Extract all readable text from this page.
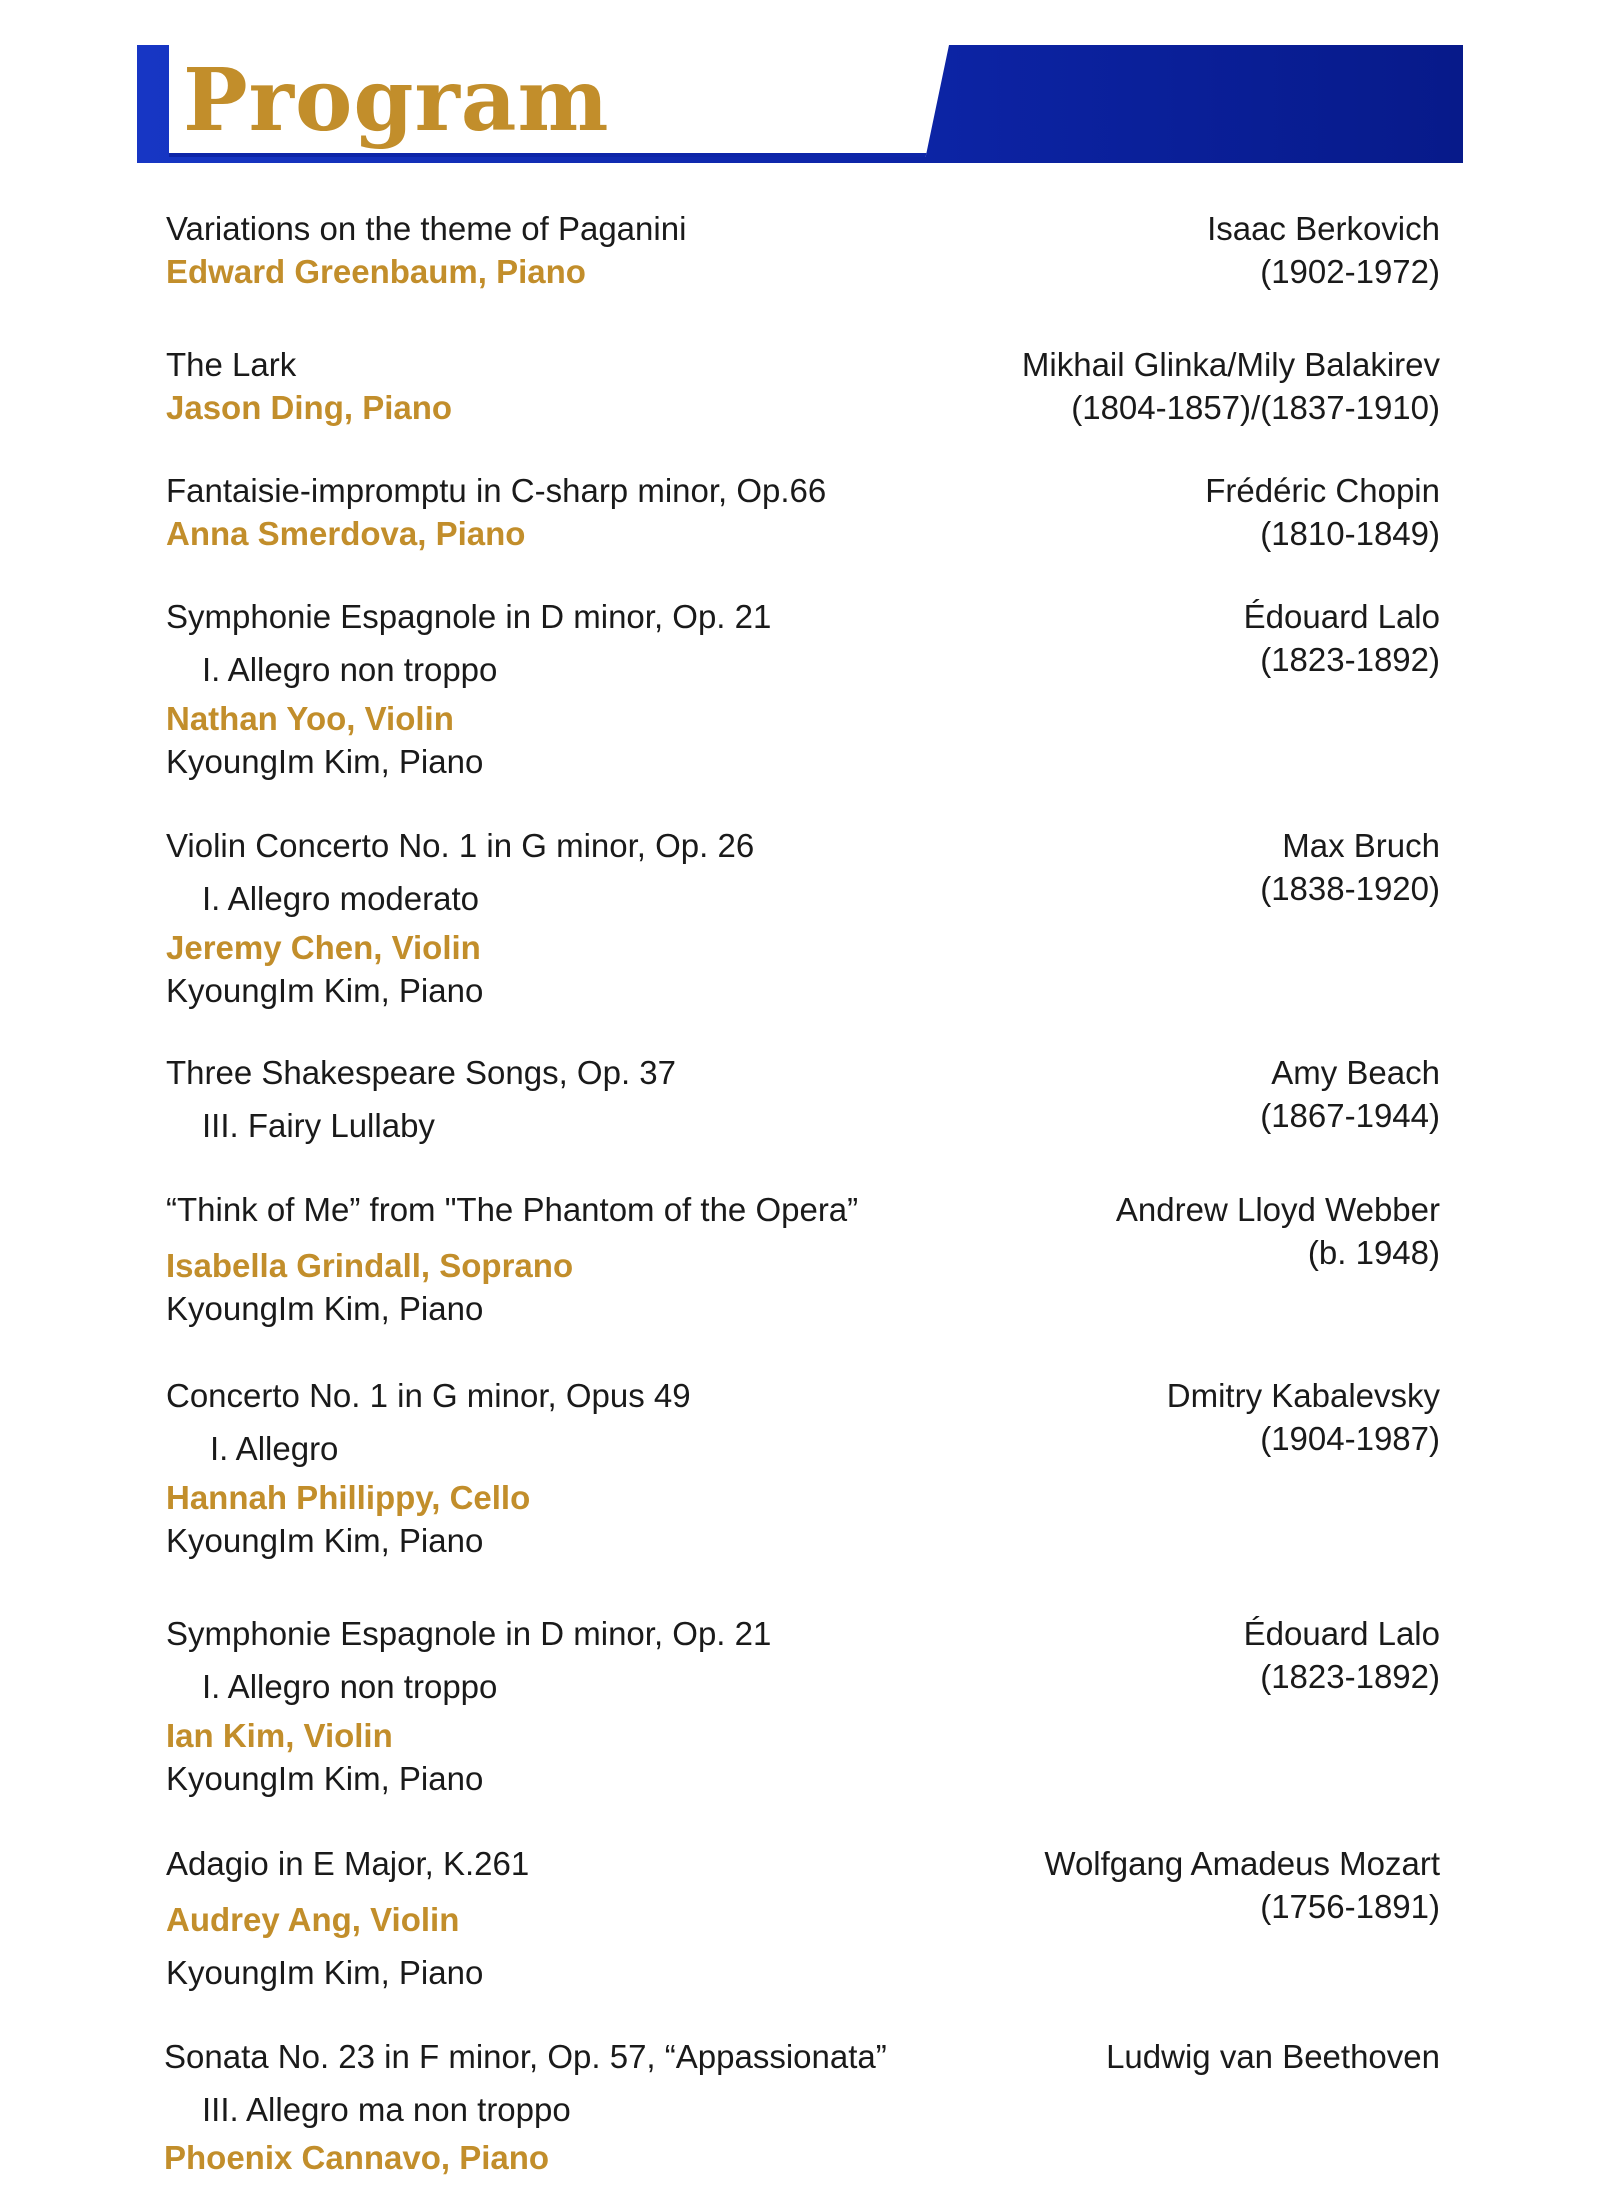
Program
Variations on the theme of Paganini
Edward Greenbaum, Piano
Isaac Berkovich
(1902-1972)
The Lark
Jason Ding, Piano
Mikhail Glinka/Mily Balakirev
(1804-1857)/(1837-1910)
Fantaisie-impromptu in C-sharp minor, Op.66
Anna Smerdova, Piano
Frédéric Chopin
(1810-1849)
Symphonie Espagnole in D minor, Op. 21
I. Allegro non troppo
Nathan Yoo, Violin
KyoungIm Kim, Piano
Édouard Lalo
(1823-1892)
Violin Concerto No. 1 in G minor, Op. 26
I. Allegro moderato
Jeremy Chen, Violin
KyoungIm Kim, Piano
Max Bruch
(1838-1920)
Three Shakespeare Songs, Op. 37
III. Fairy Lullaby
Amy Beach
(1867-1944)
“Think of Me” from "The Phantom of the Opera”
Isabella Grindall, Soprano
KyoungIm Kim, Piano
Andrew Lloyd Webber
(b. 1948)
Concerto No. 1 in G minor, Opus 49
I. Allegro
Hannah Phillippy, Cello
KyoungIm Kim, Piano
Dmitry Kabalevsky
(1904-1987)
Symphonie Espagnole in D minor, Op. 21
I. Allegro non troppo
Ian Kim, Violin
KyoungIm Kim, Piano
Édouard Lalo
(1823-1892)
Adagio in E Major, K.261
Audrey Ang, Violin
KyoungIm Kim, Piano
Wolfgang Amadeus Mozart
(1756-1891)
Sonata No. 23 in F minor, Op. 57, “Appassionata”
III. Allegro ma non troppo
Phoenix Cannavo, Piano
Ludwig van Beethoven
